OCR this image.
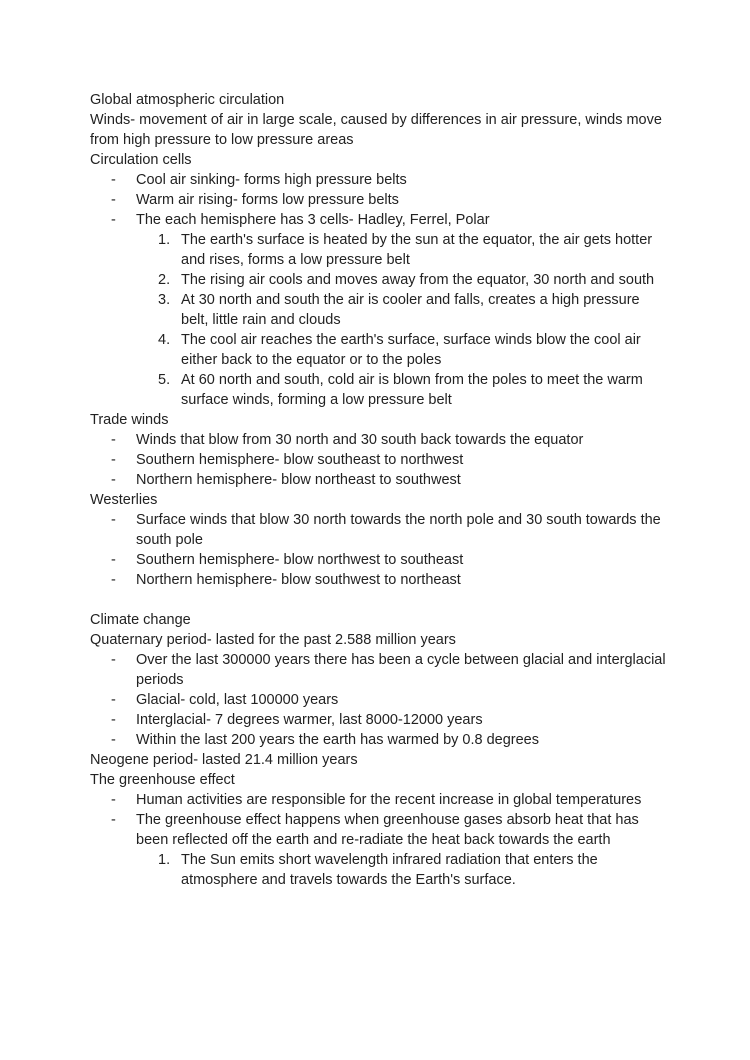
Global atmospheric circulation

Winds- movement of air in large scale, caused by differences in air pressure, winds move from high pressure to low pressure areas

Circulation cells

- Cool air sinking- forms high pressure belts
- Warm air rising- forms low pressure belts
- The each hemisphere has 3 cells- Hadley, Ferrel, Polar
1. The earth's surface is heated by the sun at the equator, the air gets hotter and rises, forms a low pressure belt
2. The rising air cools and moves away from the equator, 30 north and south
3. At 30 north and south the air is cooler and falls, creates a high pressure belt, little rain and clouds
4. The cool air reaches the earth's surface, surface winds blow the cool air either back to the equator or to the poles
5. At 60 north and south, cold air is blown from the poles to meet the warm surface winds, forming a low pressure belt

Trade winds

- Winds that blow from 30 north and 30 south back towards the equator
- Southern hemisphere- blow southeast to northwest
- Northern hemisphere- blow northeast to southwest

Westerlies

- Surface winds that blow 30 north towards the north pole and 30 south towards the south pole
- Southern hemisphere- blow northwest to southeast
- Northern hemisphere- blow southwest to northeast

Climate change

Quaternary period- lasted for the past 2.588 million years

- Over the last 300000 years there has been a cycle between glacial and interglacial periods
- Glacial- cold, last 100000 years
- Interglacial- 7 degrees warmer, last 8000-12000 years
- Within the last 200 years the earth has warmed by 0.8 degrees

Neogene period- lasted 21.4 million years

The greenhouse effect

- Human activities are responsible for the recent increase in global temperatures
- The greenhouse effect happens when greenhouse gases absorb heat that has been reflected off the earth and re-radiate the heat back towards the earth
1. The Sun emits short wavelength infrared radiation that enters the atmosphere and travels towards the Earth's surface.
